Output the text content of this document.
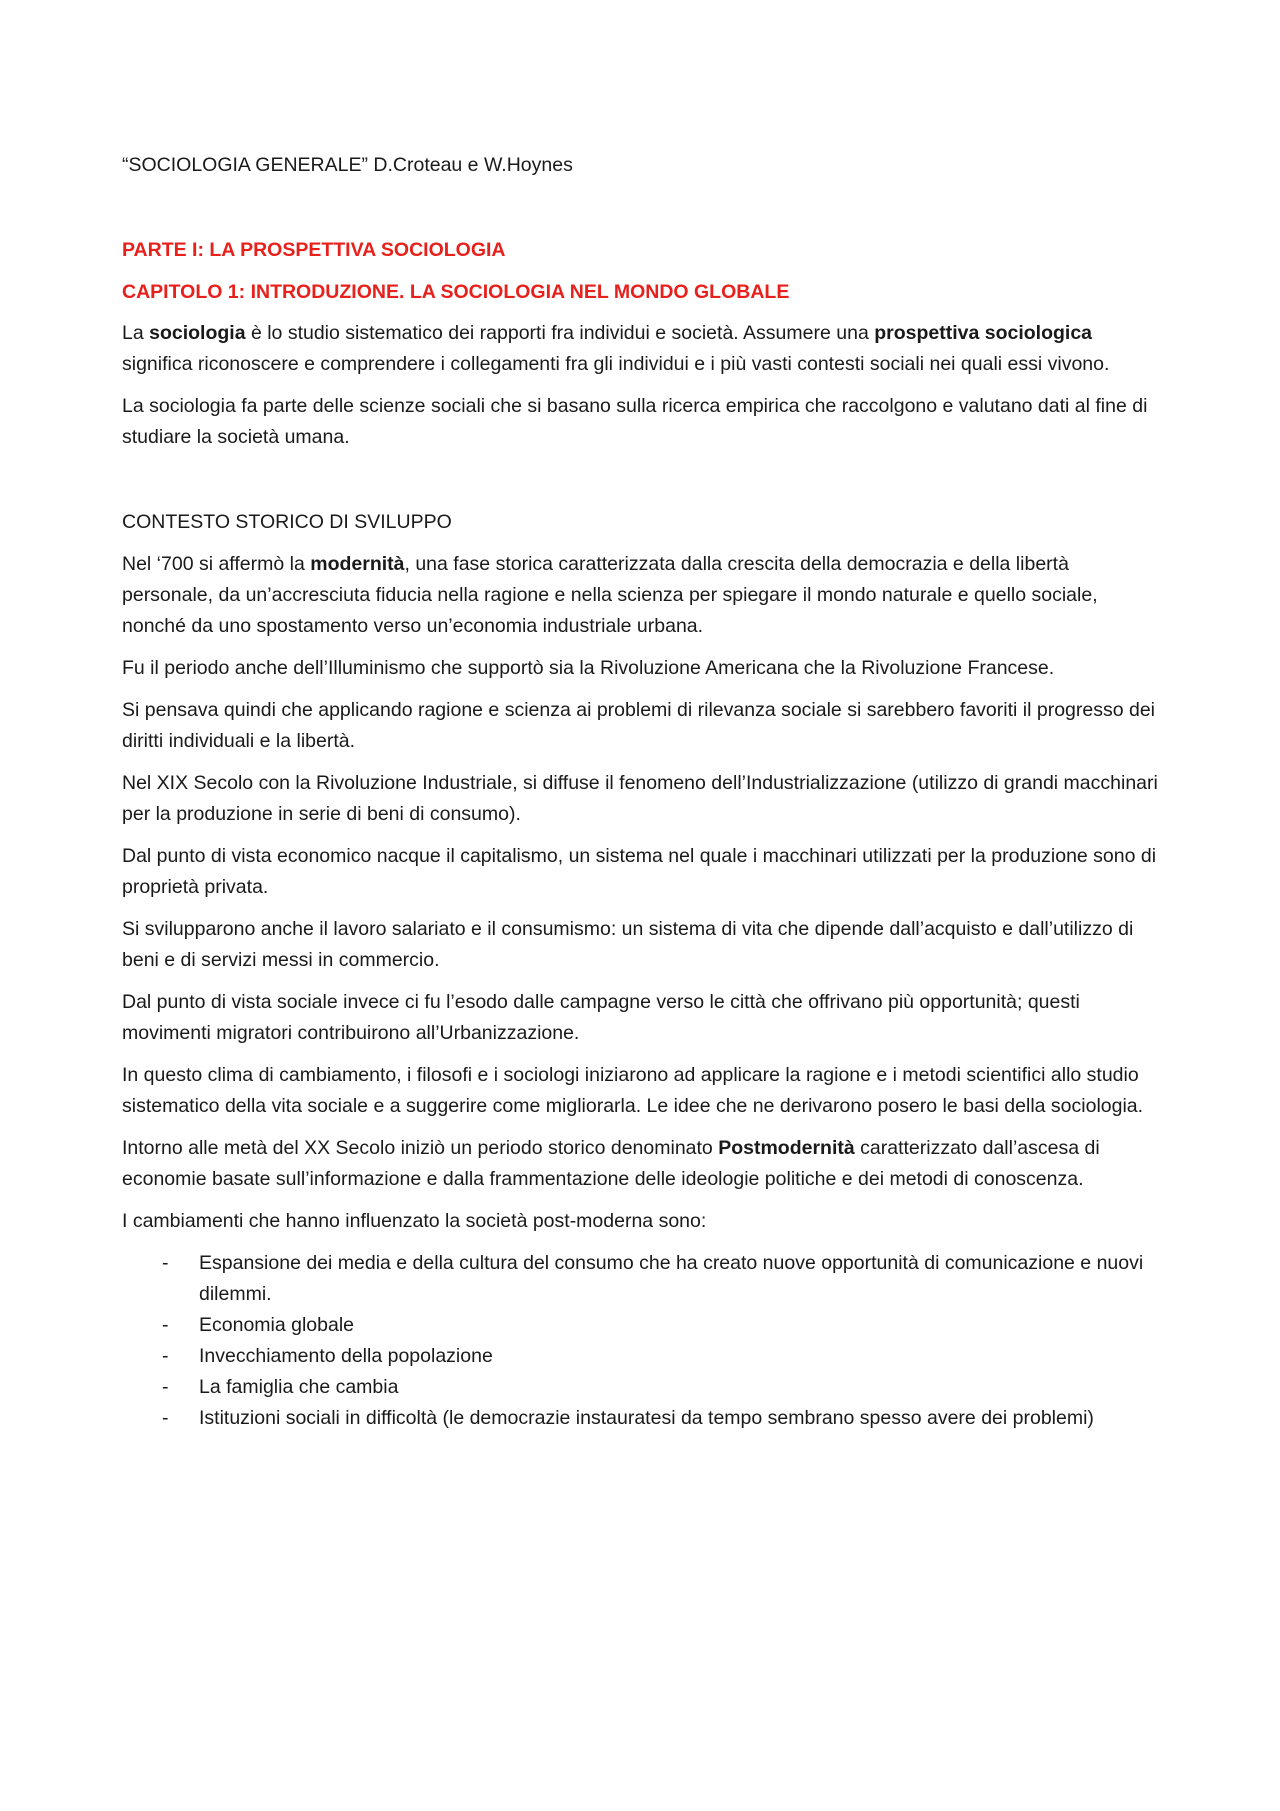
“SOCIOLOGIA GENERALE” D.Croteau e W.Hoynes

PARTE I: LA PROSPETTIVA SOCIOLOGIA

CAPITOLO 1: INTRODUZIONE. LA SOCIOLOGIA NEL MONDO GLOBALE

La sociologia è lo studio sistematico dei rapporti fra individui e società. Assumere una prospettiva sociologica significa riconoscere e comprendere i collegamenti fra gli individui e i più vasti contesti sociali nei quali essi vivono.

La sociologia fa parte delle scienze sociali che si basano sulla ricerca empirica che raccolgono e valutano dati al fine di studiare la società umana.

CONTESTO STORICO DI SVILUPPO

Nel ‘700 si affermò la modernità, una fase storica caratterizzata dalla crescita della democrazia e della libertà personale, da un’accresciuta fiducia nella ragione e nella scienza per spiegare il mondo naturale e quello sociale, nonché da uno spostamento verso un’economia industriale urbana.

Fu il periodo anche dell’Illuminismo che supportò sia la Rivoluzione Americana che la Rivoluzione Francese.

Si pensava quindi che applicando ragione e scienza ai problemi di rilevanza sociale si sarebbero favoriti il progresso dei diritti individuali e la libertà.

Nel XIX Secolo con la Rivoluzione Industriale, si diffuse il fenomeno dell’Industrializzazione (utilizzo di grandi macchinari per la produzione in serie di beni di consumo).

Dal punto di vista economico nacque il capitalismo, un sistema nel quale i macchinari utilizzati per la produzione sono di proprietà privata.

Si svilupparono anche il lavoro salariato e il consumismo: un sistema di vita che dipende dall’acquisto e dall’utilizzo di beni e di servizi messi in commercio.

Dal punto di vista sociale invece ci fu l’esodo dalle campagne verso le città che offrivano più opportunità; questi movimenti migratori contribuirono all’Urbanizzazione.

In questo clima di cambiamento, i filosofi e i sociologi iniziarono ad applicare la ragione e i metodi scientifici allo studio sistematico della vita sociale e a suggerire come migliorarla. Le idee che ne derivarono posero le basi della sociologia.

Intorno alle metà del XX Secolo iniziò un periodo storico denominato Postmodernità caratterizzato dall’ascesa di economie basate sull’informazione e dalla frammentazione delle ideologie politiche e dei metodi di conoscenza.

I cambiamenti che hanno influenzato la società post-moderna sono:

- Espansione dei media e della cultura del consumo che ha creato nuove opportunità di comunicazione e nuovi dilemmi.
- Economia globale
- Invecchiamento della popolazione
- La famiglia che cambia
- Istituzioni sociali in difficoltà (le democrazie instauratesi da tempo sembrano spesso avere dei problemi)
